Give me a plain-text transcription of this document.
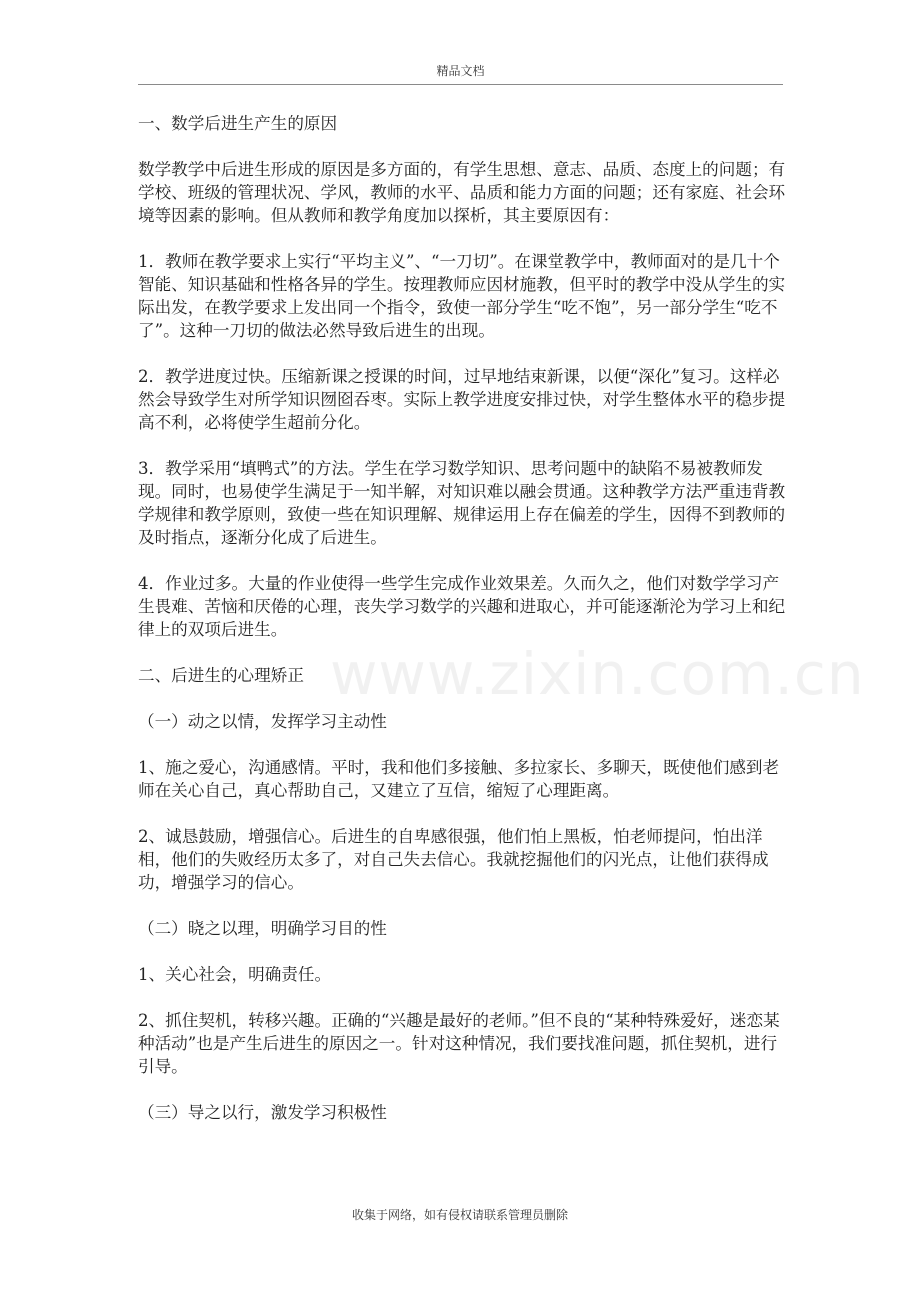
精品文档
www.zixin.com.cn

一、数学后进生产生的原因

数学教学中后进生形成的原因是多方面的，有学生思想、意志、品质、态度上的问题；有学校、班级的管理状况、学风，教师的水平、品质和能力方面的问题；还有家庭、社会环境等因素的影响。但从教师和教学角度加以探析，其主要原因有：

1．教师在教学要求上实行“平均主义”、“一刀切”。在课堂教学中，教师面对的是几十个智能、知识基础和性格各异的学生。按理教师应因材施教，但平时的教学中没从学生的实际出发，在教学要求上发出同一个指令，致使一部分学生“吃不饱”，另一部分学生“吃不了”。这种一刀切的做法必然导致后进生的出现。

2．教学进度过快。压缩新课之授课的时间，过早地结束新课，以便“深化”复习。这样必然会导致学生对所学知识囫囵吞枣。实际上教学进度安排过快，对学生整体水平的稳步提高不利，必将使学生超前分化。

3．教学采用“填鸭式”的方法。学生在学习数学知识、思考问题中的缺陷不易被教师发现。同时，也易使学生满足于一知半解，对知识难以融会贯通。这种教学方法严重违背教学规律和教学原则，致使一些在知识理解、规律运用上存在偏差的学生，因得不到教师的及时指点，逐渐分化成了后进生。

4．作业过多。大量的作业使得一些学生完成作业效果差。久而久之，他们对数学学习产生畏难、苦恼和厌倦的心理，丧失学习数学的兴趣和进取心，并可能逐渐沦为学习上和纪律上的双项后进生。

二、后进生的心理矫正

（一）动之以情，发挥学习主动性

1、施之爱心，沟通感情。平时，我和他们多接触、多拉家长、多聊天，既使他们感到老师在关心自己，真心帮助自己，又建立了互信，缩短了心理距离。

2、诚恳鼓励，增强信心。后进生的自卑感很强，他们怕上黑板，怕老师提问，怕出洋相，他们的失败经历太多了，对自己失去信心。我就挖掘他们的闪光点，让他们获得成功，增强学习的信心。

（二）晓之以理，明确学习目的性

1、关心社会，明确责任。

2、抓住契机，转移兴趣。正确的“兴趣是最好的老师。”但不良的“某种特殊爱好，迷恋某种活动”也是产生后进生的原因之一。针对这种情况，我们要找准问题，抓住契机，进行引导。

（三）导之以行，激发学习积极性

收集于网络，如有侵权请联系管理员删除
